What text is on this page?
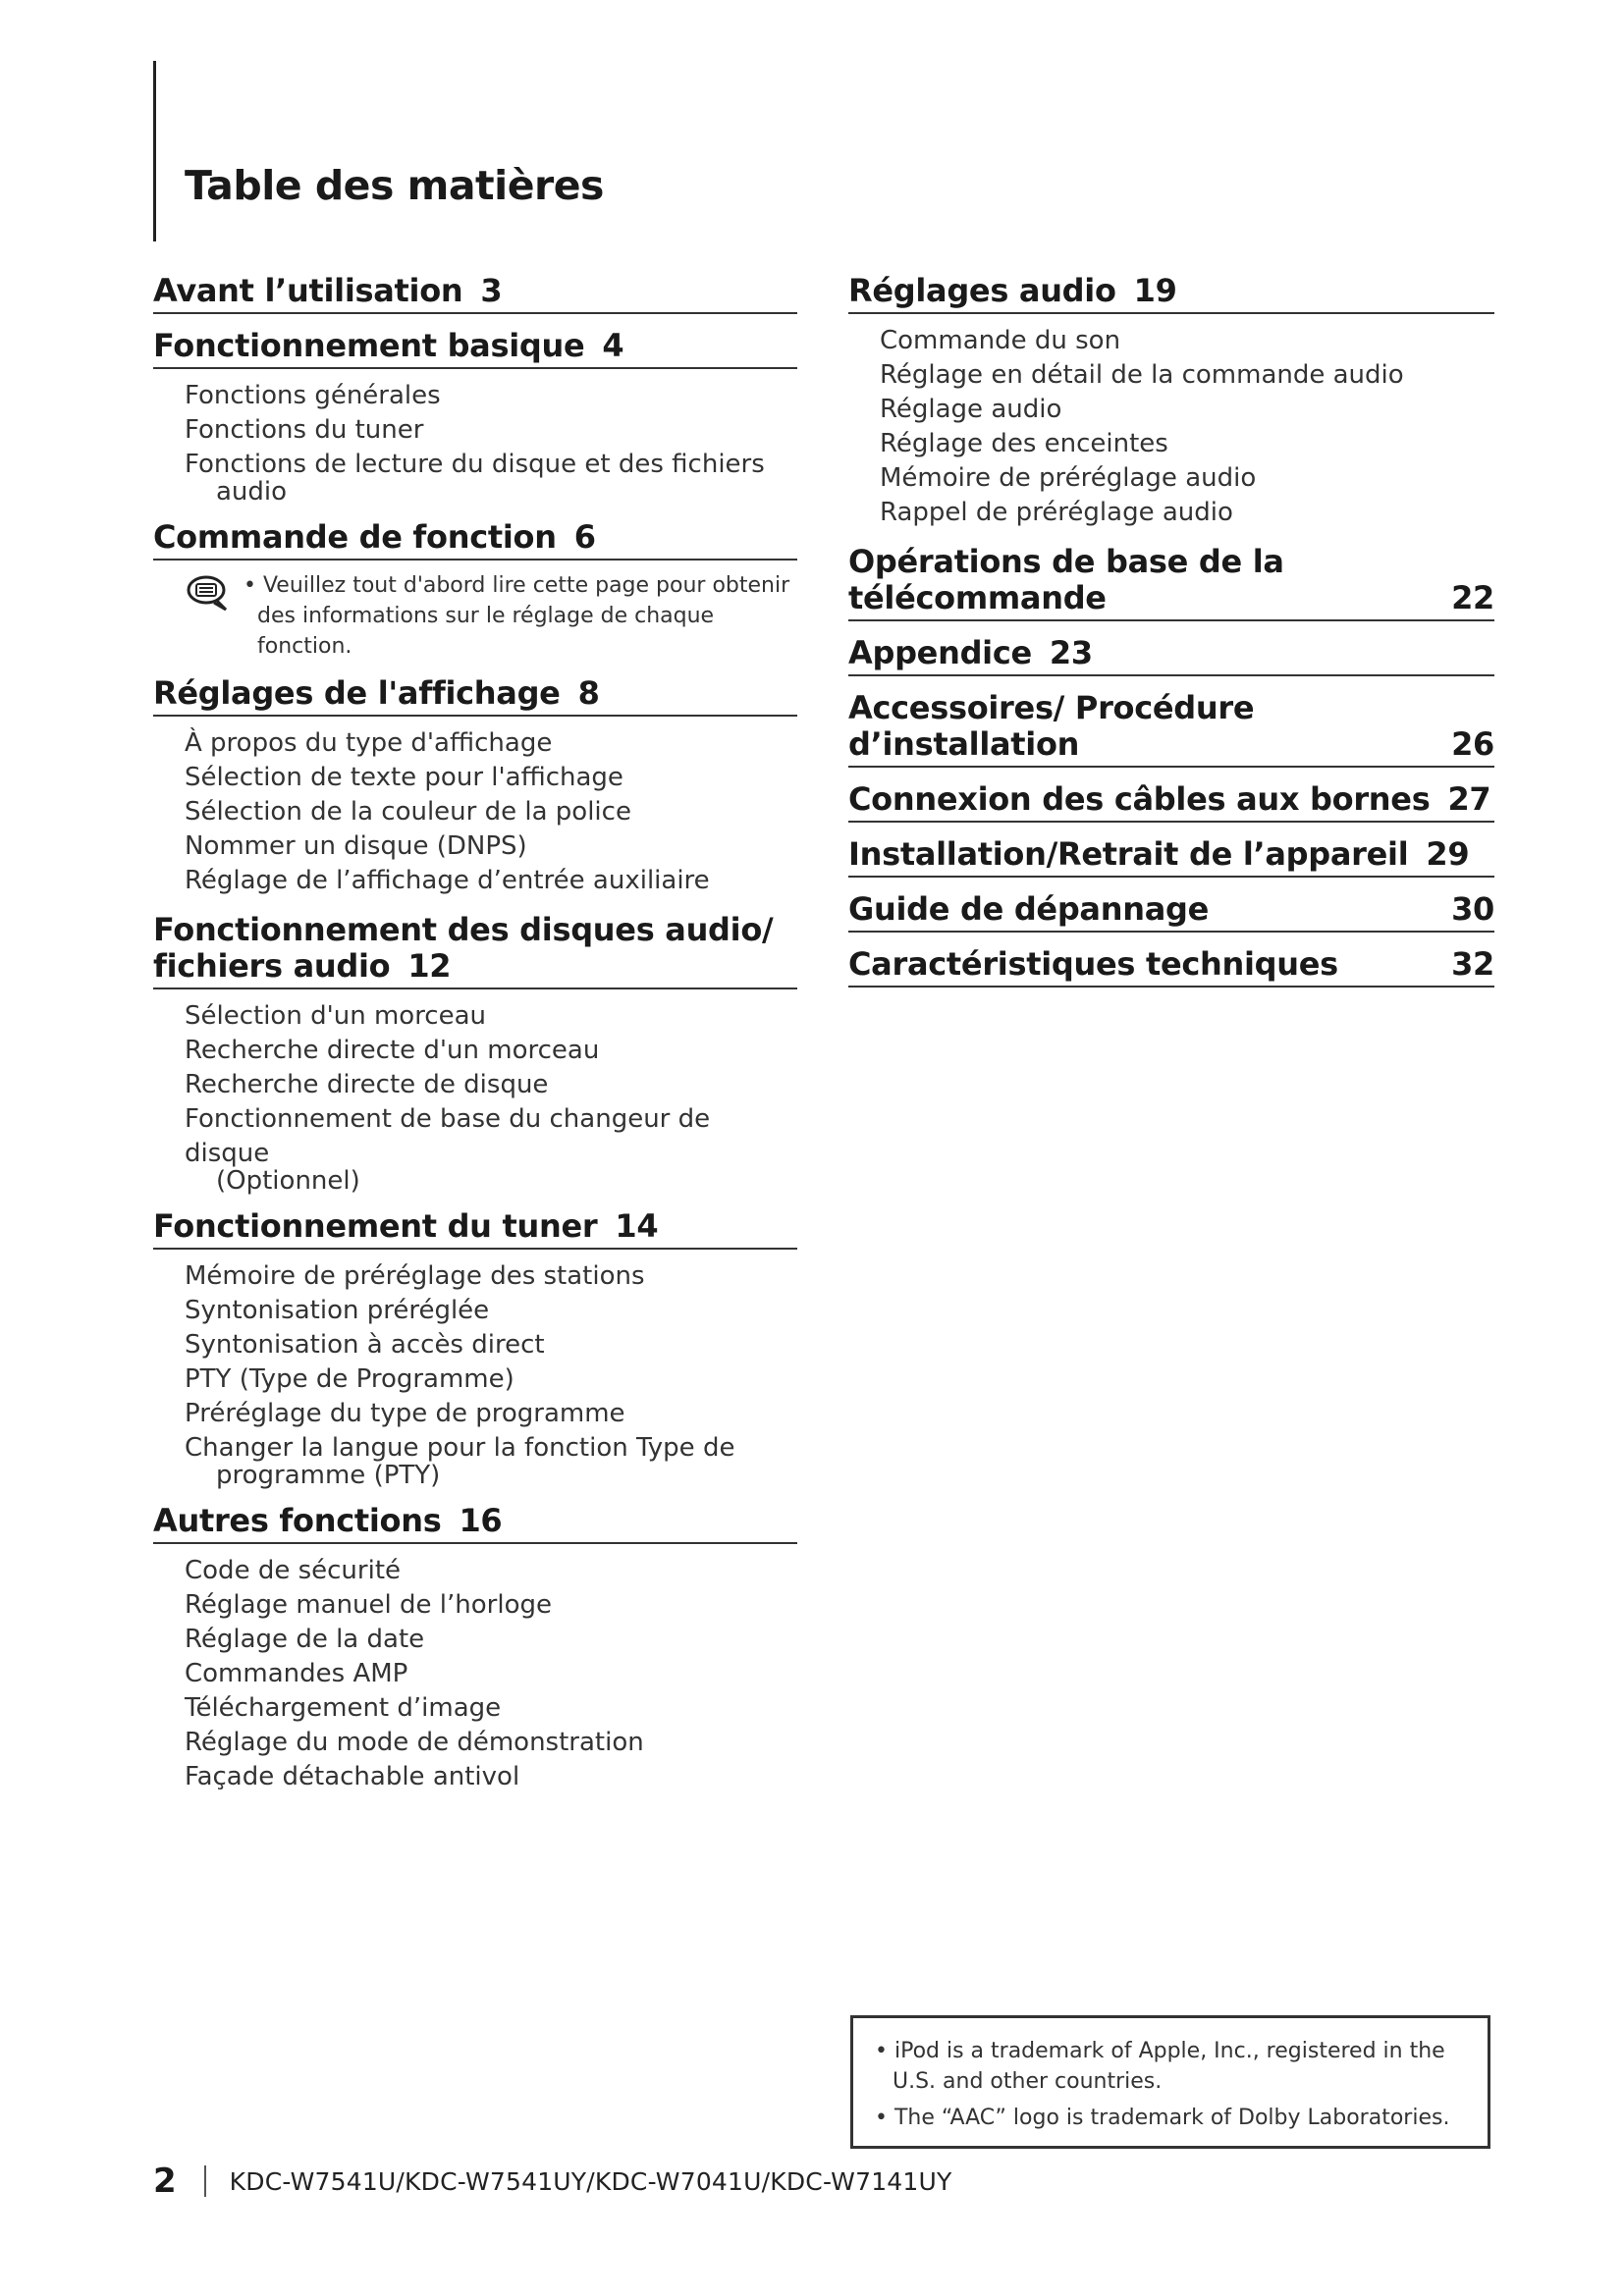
Table des matières
Avant l’utilisation 3
Fonctionnement basique 4
Fonctions générales
Fonctions du tuner
Fonctions de lecture du disque et des fichiers
audio
Commande de fonction 6
• Veuillez tout d'abord lire cette page pour obtenir des informations sur le réglage de chaque fonction.
Réglages de l'affichage 8
À propos du type d'affichage
Sélection de texte pour l'affichage
Sélection de la couleur de la police
Nommer un disque (DNPS)
Réglage de l’affichage d’entrée auxiliaire
Fonctionnement des disques audio/
fichiers audio 12
Sélection d'un morceau
Recherche directe d'un morceau
Recherche directe de disque
Fonctionnement de base du changeur de disque
(Optionnel)
Fonctionnement du tuner 14
Mémoire de préréglage des stations
Syntonisation préréglée
Syntonisation à accès direct
PTY (Type de Programme)
Préréglage du type de programme
Changer la langue pour la fonction Type de
programme (PTY)
Autres fonctions 16
Code de sécurité
Réglage manuel de l’horloge
Réglage de la date
Commandes AMP
Téléchargement d’image
Réglage du mode de démonstration
Façade détachable antivol
Réglages audio 19
Commande du son
Réglage en détail de la commande audio
Réglage audio
Réglage des enceintes
Mémoire de préréglage audio
Rappel de préréglage audio
Opérations de base de la
télécommande	22
Appendice 23
Accessoires/ Procédure d’installation	26
Connexion des câbles aux bornes 27
Installation/Retrait de l’appareil 29
Guide de dépannage	30
Caractéristiques techniques	32

• iPod is a trademark of Apple, Inc., registered in the U.S. and other countries.

• The “AAC” logo is trademark of Dolby Laboratories.

2 KDC-W7541U/KDC-W7541UY/KDC-W7041U/KDC-W7141UY
